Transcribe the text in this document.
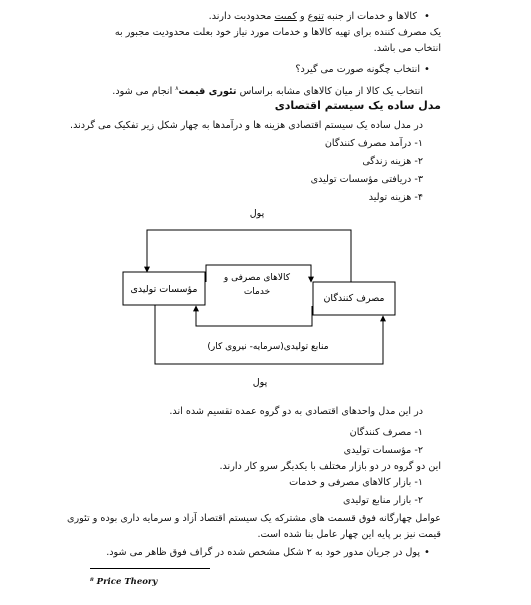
• کالاها و خدمات از جنبه تنوع و کمیت محدودیت دارند.
یک مصرف کننده برای تهیه کالاها و خدمات مورد نیاز خود بعلت محدودیت مجبور به
انتخاب می باشد.
• انتخاب چگونه صورت می گیرد؟
انتخاب یک کالا از میان کالاهای مشابه براساس تئوری قیمت$^۸$ انجام می شود.
مدل ساده یک سیستم اقتصادی
در مدل ساده یک سیستم اقتصادی هزینه ها و درآمدها به چهار شکل زیر تفکیک می گردند.
۱- درآمد مصرف کنندگان
۲- هزینه زندگی
۳- دریافتی مؤسسات تولیدی
۴- هزینه تولید
مؤسسات تولیدی
مصرف کنندگان
پول
کالاهای مصرفی و
خدمات
منابع تولیدی(سرمایه- نیروی کار)
پول
در این مدل واحدهای اقتصادی به دو گروه عمده تقسیم شده اند.
۱- مصرف کنندگان
۲- مؤسسات تولیدی
این دو گروه در دو بازار مختلف با یکدیگر سرو کار دارند.
۱- بازار کالاهای مصرفی و خدمات
۲- بازار منابع تولیدی
عوامل چهارگانه فوق قسمت های مشترکه یک سیستم اقتصاد آزاد و سرمایه داری بوده و تئوری
قیمت نیز بر پایه این چهار عامل بنا شده است.
• پول در جریان مدور خود به ۲ شکل مشخص شده در گراف فوق ظاهر می شود.
⁸ Price Theory
